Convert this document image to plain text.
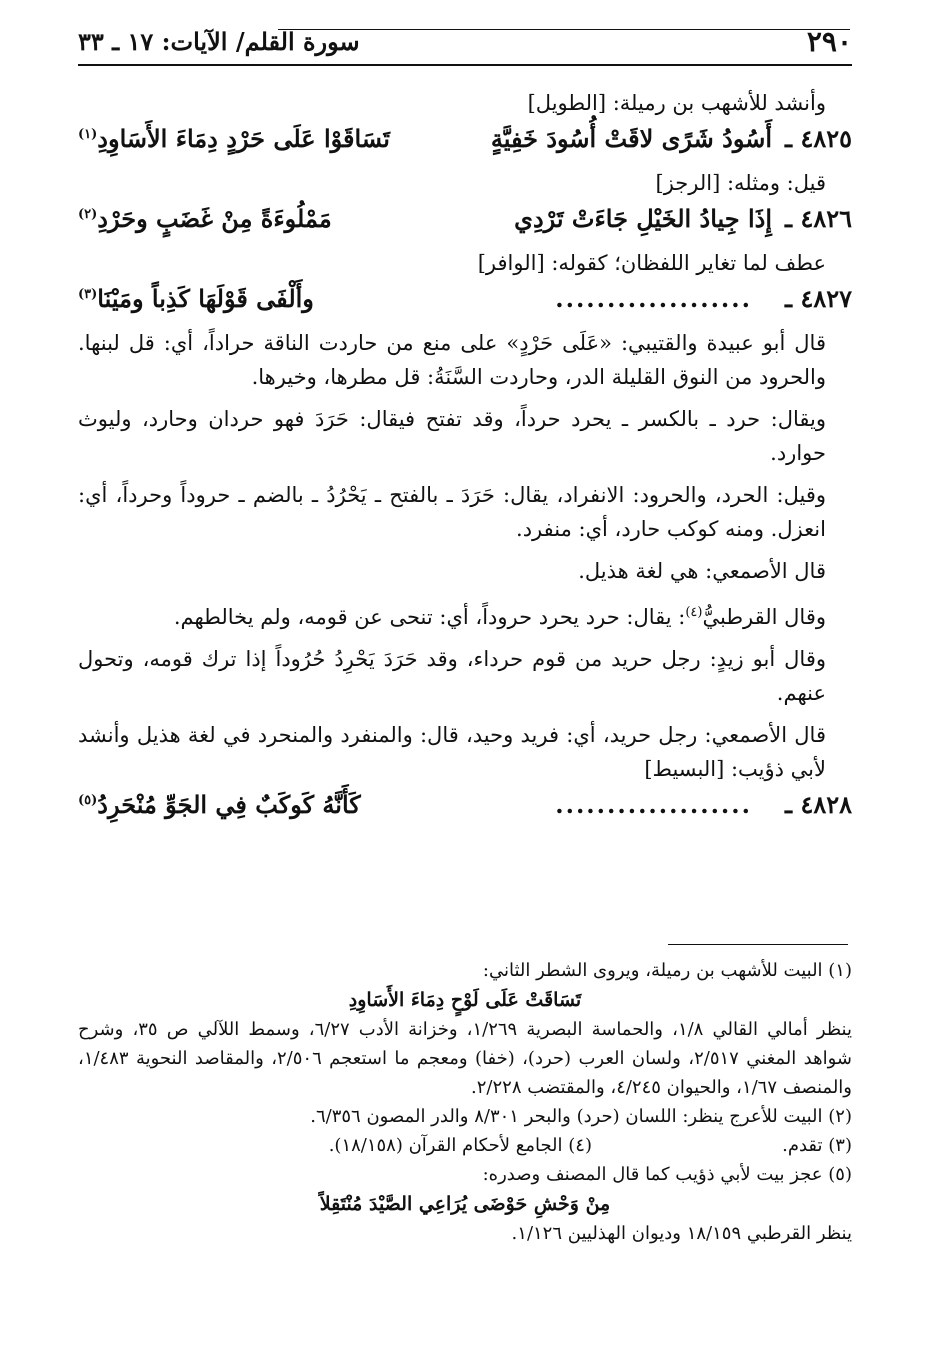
٢٩٠
سورة القلم/ الآيات: ١٧ ـ ٣٣

وأنشد للأشهب بن رميلة: [الطويل]

٤٨٢٥ ـ
أَسُودُ شَرًى لاقَتْ أُسُودَ خَفِيَّةٍ
تَسَاقَوْا عَلَى حَرْدٍ دِمَاءَ الأَسَاوِدِ$^{(١)}$

قيل: ومثله: [الرجز]

٤٨٢٦ ـ
إِذَا جِيادُ الخَيْلِ جَاءَتْ تَرْدِي
مَمْلُوءَةً مِنْ غَضَبٍ وحَرْدِ$^{(٢)}$

عطف لما تغاير اللفظان؛ كقوله: [الوافر]

٤٨٢٧ ـ
...................
وأَلْفَى قَوْلَهَا كَذِباً ومَيْنَا$^{(٣)}$

قال أبو عبيدة والقتيبي: «عَلَى حَرْدٍ» على منع من حاردت الناقة حراداً، أي: قل لبنها. والحرود من النوق القليلة الدر، وحاردت السَّنَةُ: قل مطرها، وخيرها.

ويقال: حرد ـ بالكسر ـ يحرد حرداً، وقد تفتح فيقال: حَرَدَ فهو حردان وحارد، وليوث حوارد.

وقيل: الحرد، والحرود: الانفراد، يقال: حَرَدَ ـ بالفتح ـ يَحْرُدُ ـ بالضم ـ حروداً وحرداً، أي: انعزل. ومنه كوكب حارد، أي: منفرد.

قال الأصمعي: هي لغة هذيل.

وقال القرطبيُّ$^{(٤)}$: يقال: حرد يحرد حروداً، أي: تنحى عن قومه، ولم يخالطهم.

وقال أبو زيدٍ: رجل حريد من قوم حرداء، وقد حَرَدَ يَحْرِدُ حُرُوداً إذا ترك قومه، وتحول عنهم.

قال الأصمعي: رجل حريد، أي: فريد وحيد، قال: والمنفرد والمنحرد في لغة هذيل وأنشد لأبي ذؤيب: [البسيط]

٤٨٢٨ ـ
...................
كَأَنَّهُ كَوكَبٌ فِي الجَوِّ مُنْحَرِدُ$^{(٥)}$

(١) البيت للأشهب بن رميلة، ويروى الشطر الثاني:

تَسَاقَتْ عَلَى لَوْحٍ دِمَاءَ الأَسَاوِدِ

ينظر أمالي القالي ١/٨، والحماسة البصرية ١/٢٦٩، وخزانة الأدب ٦/٢٧، وسمط اللآلي ص ٣٥، وشرح شواهد المغني ٢/٥١٧، ولسان العرب (حرد)، (خفا) ومعجم ما استعجم ٢/٥٠٦، والمقاصد النحوية ١/٤٨٣، والمنصف ١/٦٧، والحيوان ٤/٢٤٥، والمقتضب ٢/٢٢٨.

(٢) البيت للأعرج ينظر: اللسان (حرد) والبحر ٨/٣٠١ والدر المصون ٦/٣٥٦.

(٣) تقدم.
(٤) الجامع لأحكام القرآن (١٨/١٥٨).

(٥) عجز بيت لأبي ذؤيب كما قال المصنف وصدره:

مِنْ وَحْشِ حَوْضَى يُرَاعِي الصَّيْدَ مُنْتَقِلاً

ينظر القرطبي ١٨/١٥٩ وديوان الهذليين ١/١٢٦.
